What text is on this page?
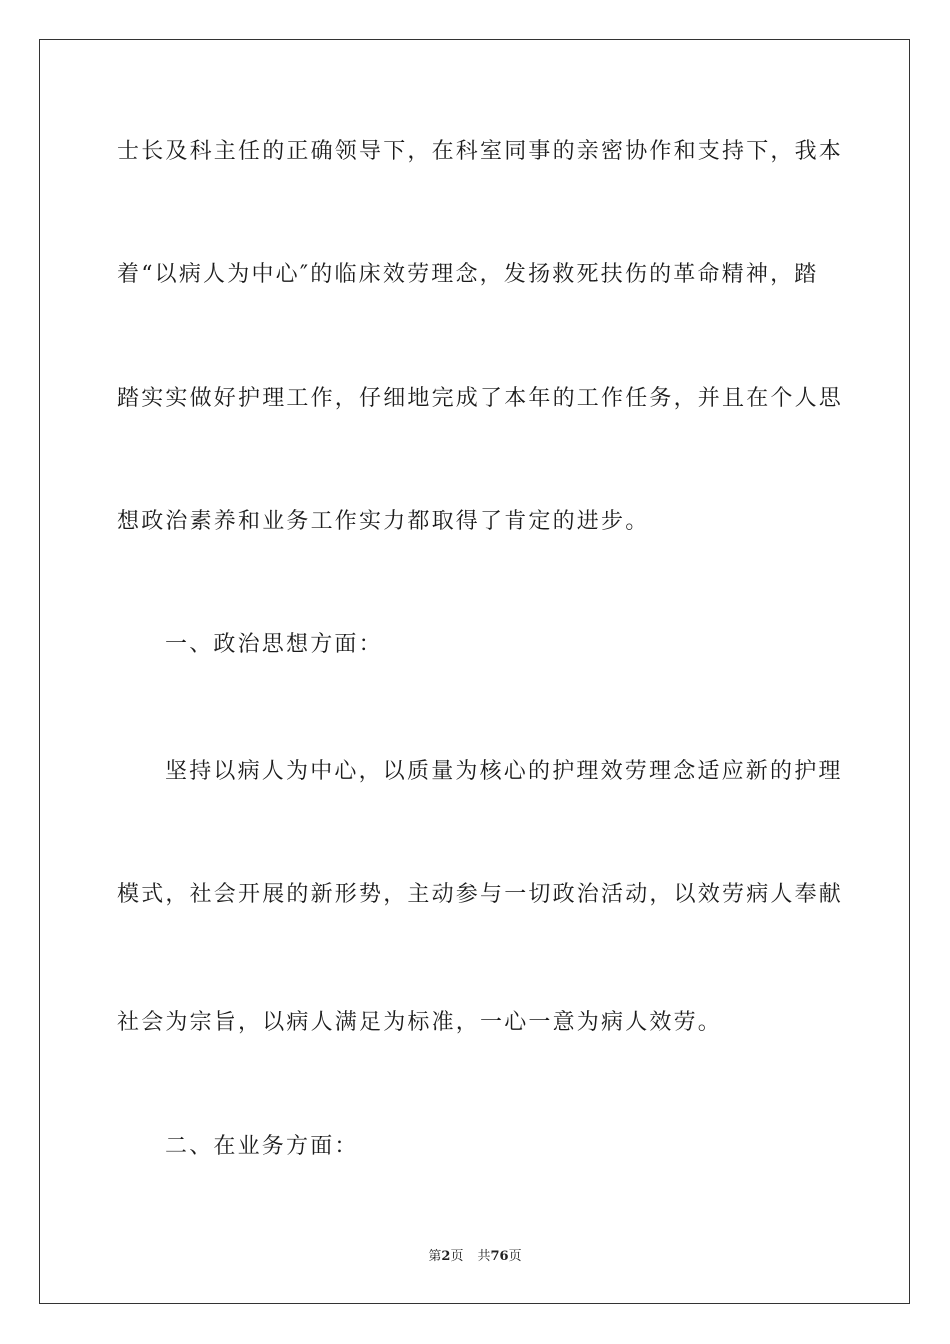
士长及科主任的正确领导下，在科室同事的亲密协作和支持下，我本
着“以病人为中心″的临床效劳理念，发扬救死扶伤的革命精神，踏
踏实实做好护理工作，仔细地完成了本年的工作任务，并且在个人思
想政治素养和业务工作实力都取得了肯定的进步。
一、政治思想方面：
坚持以病人为中心，以质量为核心的护理效劳理念适应新的护理
模式，社会开展的新形势，主动参与一切政治活动，以效劳病人奉献
社会为宗旨，以病人满足为标准，一心一意为病人效劳。
二、在业务方面：
第2页 共76页
